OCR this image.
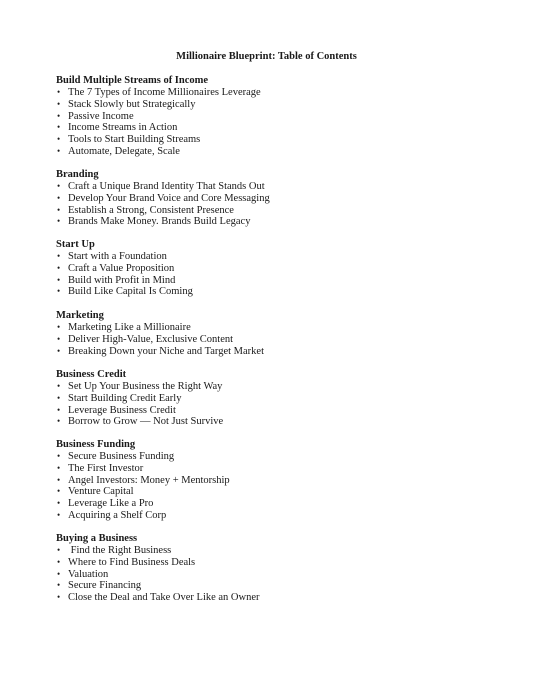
Millionaire Blueprint: Table of Contents
Build Multiple Streams of Income
• The 7 Types of Income Millionaires Leverage
• Stack Slowly but Strategically
• Passive Income
• Income Streams in Action
• Tools to Start Building Streams
• Automate, Delegate, Scale
Branding
• Craft a Unique Brand Identity That Stands Out
• Develop Your Brand Voice and Core Messaging
• Establish a Strong, Consistent Presence
• Brands Make Money. Brands Build Legacy
Start Up
• Start with a Foundation
• Craft a Value Proposition
• Build with Profit in Mind
• Build Like Capital Is Coming
Marketing
• Marketing Like a Millionaire
• Deliver High-Value, Exclusive Content
• Breaking Down your Niche and Target Market
Business Credit
• Set Up Your Business the Right Way
• Start Building Credit Early
• Leverage Business Credit
• Borrow to Grow — Not Just Survive
Business Funding
• Secure Business Funding
• The First Investor
• Angel Investors: Money + Mentorship
• Venture Capital
• Leverage Like a Pro
• Acquiring a Shelf Corp
Buying a Business
•  Find the Right Business
• Where to Find Business Deals
• Valuation
• Secure Financing
• Close the Deal and Take Over Like an Owner
